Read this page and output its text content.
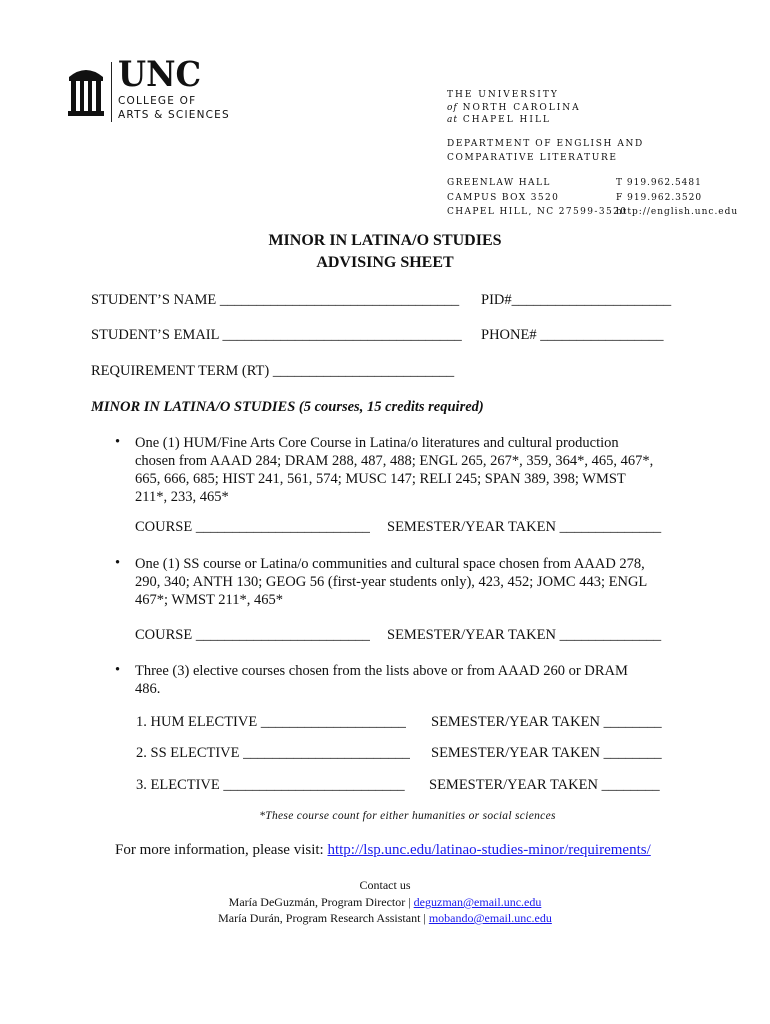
UNC
COLLEGE OF
ARTS & SCIENCES
THE UNIVERSITY
of NORTH CAROLINA
at CHAPEL HILL
DEPARTMENT OF ENGLISH AND
COMPARATIVE LITERATURE
GREENLAW HALL
CAMPUS BOX 3520
CHAPEL HILL, NC 27599-3520
T 919.962.5481
F 919.962.3520
http://english.unc.edu
MINOR IN LATINA/O STUDIES
ADVISING SHEET
STUDENT’S NAME _________________________________ PID#______________________
STUDENT’S EMAIL _________________________________ PHONE# _________________
REQUIREMENT TERM (RT) _________________________
MINOR IN LATINA/O STUDIES (5 courses, 15 credits required)
• One (1) HUM/Fine Arts Core Course in Latina/o literatures and cultural production
chosen from AAAD 284; DRAM 288, 487, 488; ENGL 265, 267*, 359, 364*, 465, 467*,
665, 666, 685; HIST 241, 561, 574; MUSC 147; RELI 245; SPAN 389, 398; WMST
211*, 233, 465*
COURSE ________________________ SEMESTER/YEAR TAKEN ______________
• One (1) SS course or Latina/o communities and cultural space chosen from AAAD 278,
290, 340; ANTH 130; GEOG 56 (first-year students only), 423, 452; JOMC 443; ENGL
467*; WMST 211*, 465*
COURSE ________________________ SEMESTER/YEAR TAKEN ______________
• Three (3) elective courses chosen from the lists above or from AAAD 260 or DRAM
486.
1. HUM ELECTIVE ____________________ SEMESTER/YEAR TAKEN ________
2. SS ELECTIVE _______________________ SEMESTER/YEAR TAKEN ________
3. ELECTIVE _________________________ SEMESTER/YEAR TAKEN ________
*These course count for either humanities or social sciences
For more information, please visit: http://lsp.unc.edu/latinao-studies-minor/requirements/
Contact us
María DeGuzmán, Program Director | deguzman@email.unc.edu
María Durán, Program Research Assistant | mobando@email.unc.edu
